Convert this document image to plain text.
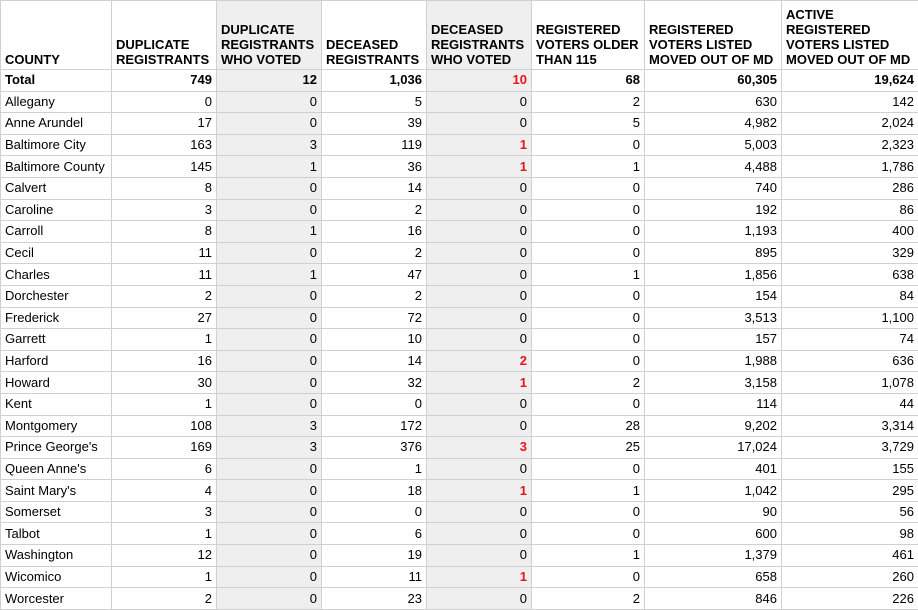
COUNTY	DUPLICATE REGISTRANTS	DUPLICATE REGISTRANTS WHO VOTED	DECEASED REGISTRANTS	DECEASED REGISTRANTS WHO VOTED	REGISTERED VOTERS OLDER THAN 115	REGISTERED VOTERS LISTED MOVED OUT OF MD	ACTIVE REGISTERED VOTERS LISTED MOVED OUT OF MD
Total	749	12	1,036	10	68	60,305	19,624
Allegany	0	0	5	0	2	630	142
Anne Arundel	17	0	39	0	5	4,982	2,024
Baltimore City	163	3	119	1	0	5,003	2,323
Baltimore County	145	1	36	1	1	4,488	1,786
Calvert	8	0	14	0	0	740	286
Caroline	3	0	2	0	0	192	86
Carroll	8	1	16	0	0	1,193	400
Cecil	11	0	2	0	0	895	329
Charles	11	1	47	0	1	1,856	638
Dorchester	2	0	2	0	0	154	84
Frederick	27	0	72	0	0	3,513	1,100
Garrett	1	0	10	0	0	157	74
Harford	16	0	14	2	0	1,988	636
Howard	30	0	32	1	2	3,158	1,078
Kent	1	0	0	0	0	114	44
Montgomery	108	3	172	0	28	9,202	3,314
Prince George's	169	3	376	3	25	17,024	3,729
Queen Anne's	6	0	1	0	0	401	155
Saint Mary's	4	0	18	1	1	1,042	295
Somerset	3	0	0	0	0	90	56
Talbot	1	0	6	0	0	600	98
Washington	12	0	19	0	1	1,379	461
Wicomico	1	0	11	1	0	658	260
Worcester	2	0	23	0	2	846	226
